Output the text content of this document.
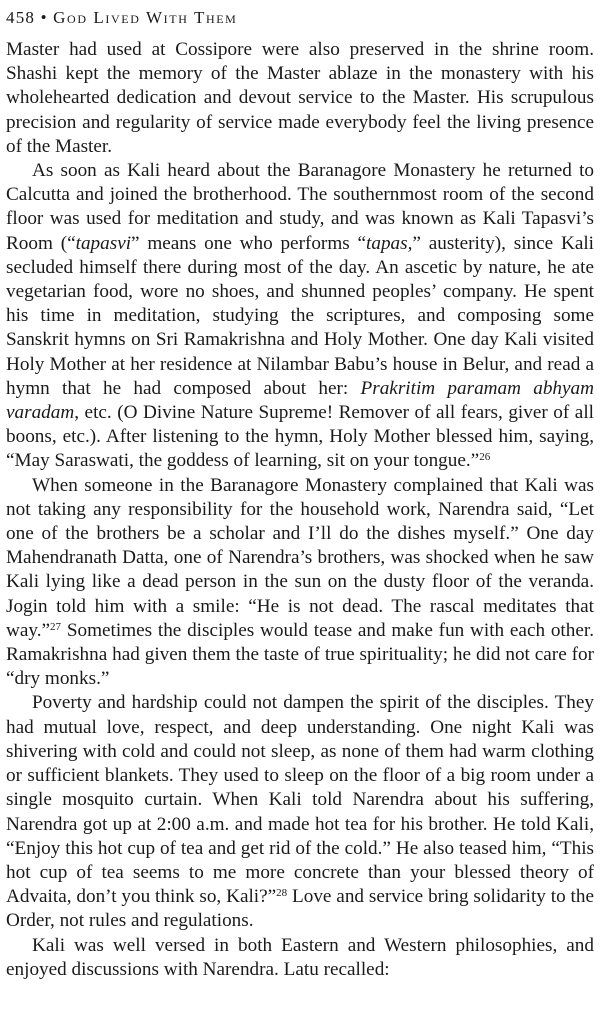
458 • God Lived With Them

Master had used at Cossipore were also preserved in the shrine room. Shashi kept the memory of the Master ablaze in the monastery with his wholehearted dedication and devout service to the Master. His scrupulous precision and regularity of service made everybody feel the living presence of the Master.

As soon as Kali heard about the Baranagore Monastery he returned to Calcutta and joined the brotherhood. The southernmost room of the second floor was used for meditation and study, and was known as Kali Tapasvi’s Room (“tapasvi” means one who performs “tapas,” austerity), since Kali secluded himself there during most of the day. An ascetic by nature, he ate vegetarian food, wore no shoes, and shunned peoples’ company. He spent his time in meditation, studying the scriptures, and composing some Sanskrit hymns on Sri Ramakrishna and Holy Mother. One day Kali visited Holy Mother at her residence at Nilambar Babu’s house in Belur, and read a hymn that he had composed about her: Prakritim paramam abhyam varadam, etc. (O Divine Nature Supreme! Remover of all fears, giver of all boons, etc.). After listening to the hymn, Holy Mother blessed him, saying, “May Saraswati, the goddess of learning, sit on your tongue.”$^{26}$

When someone in the Baranagore Monastery complained that Kali was not taking any responsibility for the household work, Narendra said, “Let one of the brothers be a scholar and I’ll do the dishes myself.” One day Mahendranath Datta, one of Narendra’s brothers, was shocked when he saw Kali lying like a dead person in the sun on the dusty floor of the veranda. Jogin told him with a smile: “He is not dead. The rascal meditates that way.”$^{27}$ Sometimes the disciples would tease and make fun with each other. Ramakrishna had given them the taste of true spirituality; he did not care for “dry monks.”

Poverty and hardship could not dampen the spirit of the disciples. They had mutual love, respect, and deep understanding. One night Kali was shivering with cold and could not sleep, as none of them had warm clothing or sufficient blankets. They used to sleep on the floor of a big room under a single mosquito curtain. When Kali told Narendra about his suffering, Narendra got up at 2:00 a.m. and made hot tea for his brother. He told Kali, “Enjoy this hot cup of tea and get rid of the cold.” He also teased him, “This hot cup of tea seems to me more concrete than your blessed theory of Advaita, don’t you think so, Kali?”$^{28}$ Love and service bring solidarity to the Order, not rules and regulations.

Kali was well versed in both Eastern and Western philosophies, and enjoyed discussions with Narendra. Latu recalled:
